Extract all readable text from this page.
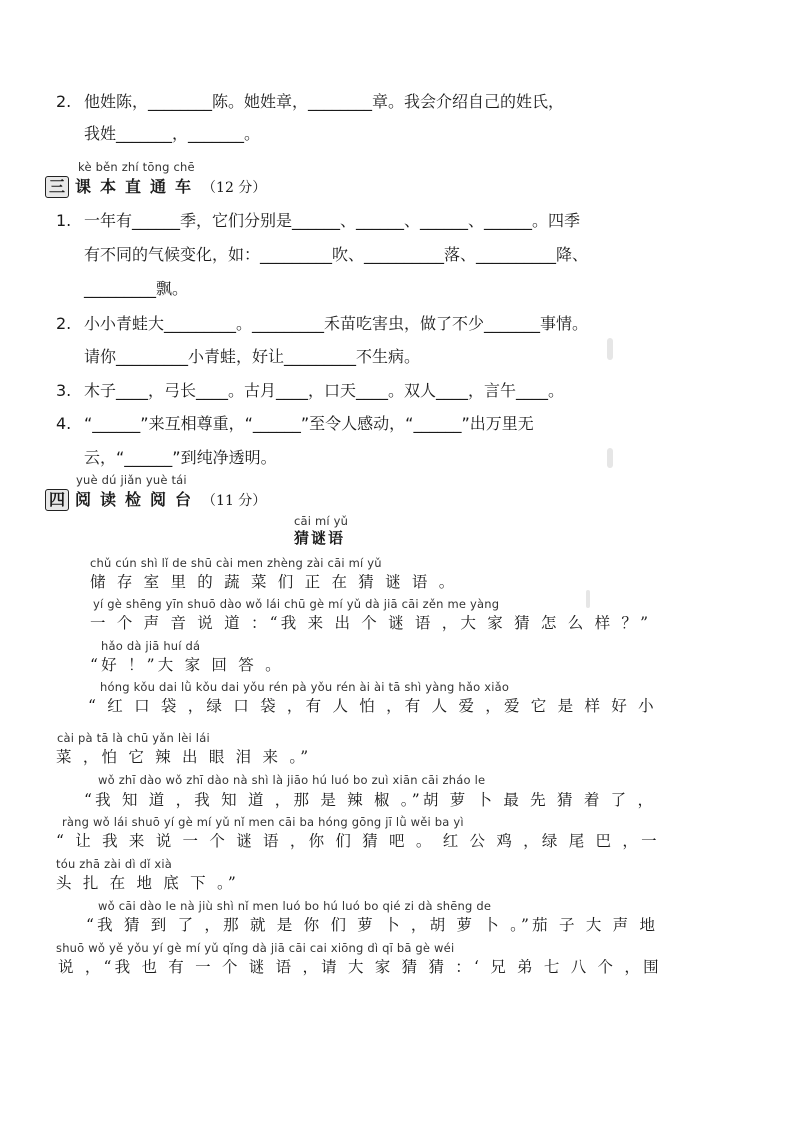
2. 他姓陈，________陈。她姓章，________章。我会介绍自己的姓氏，
我姓_______，_______。
kè běn zhí tōng chē
三 课本直通车 （12 分）
1. 一年有______季，它们分别是______、______、______、______。四季
有不同的气候变化，如：_________吹、__________落、__________降、
_________飘。
2. 小小青蛙大_________。_________禾苗吃害虫，做了不少_______事情。
请你_________小青蛙，好让_________不生病。
3. 木子____，弓长____。古月____，口天____。双人____，言午____。
4. “______”来互相尊重，“______”至令人感动，“______”出万里无
云，“______”到纯净透明。
yuè dú jiǎn yuè tái
四 阅读检阅台 （11 分）
cāi mí yǔ
猜谜语
chǔ cún shì lǐ de shū cài men zhèng zài cāi mí yǔ
储 存 室 里 的 蔬 菜 们 正 在 猜 谜 语 。
yí gè shēng yīn shuō dào wǒ lái chū gè mí yǔ dà jiā cāi zěn me yàng
一 个 声 音 说 道 ：“我 来 出 个 谜 语 ，大 家 猜 怎 么 样 ？”
hǎo dà jiā huí dá
“好 ！”大 家 回 答 。
hóng kǒu dai lǜ kǒu dai yǒu rén pà yǒu rén ài ài tā shì yàng hǎo xiǎo
“ 红 口 袋 ，绿 口 袋 ，有 人 怕 ，有 人 爱 ，爱 它 是 样 好 小
cài pà tā là chū yǎn lèi lái
菜 ，怕 它 辣 出 眼 泪 来 。”
wǒ zhī dào wǒ zhī dào nà shì là jiāo hú luó bo zuì xiān cāi zháo le
“我 知 道 ，我 知 道 ，那 是 辣 椒 。”胡 萝 卜 最 先 猜 着 了 ，
ràng wǒ lái shuō yí gè mí yǔ nǐ men cāi ba hóng gōng jī lǜ wěi ba yì
“ 让 我 来 说 一 个 谜 语 ，你 们 猜 吧 。 红 公 鸡 ，绿 尾 巴 ，一
tóu zhā zài dì dǐ xià
头 扎 在 地 底 下 。”
wǒ cāi dào le nà jiù shì nǐ men luó bo hú luó bo qié zi dà shēng de
“我 猜 到 了 ，那 就 是 你 们 萝 卜 ，胡 萝 卜 。”茄 子 大 声 地
shuō wǒ yě yǒu yí gè mí yǔ qǐng dà jiā cāi cai xiōng dì qī bā gè wéi
说 ，“我 也 有 一 个 谜 语 ，请 大 家 猜 猜 ：‘ 兄 弟 七 八 个 ，围
